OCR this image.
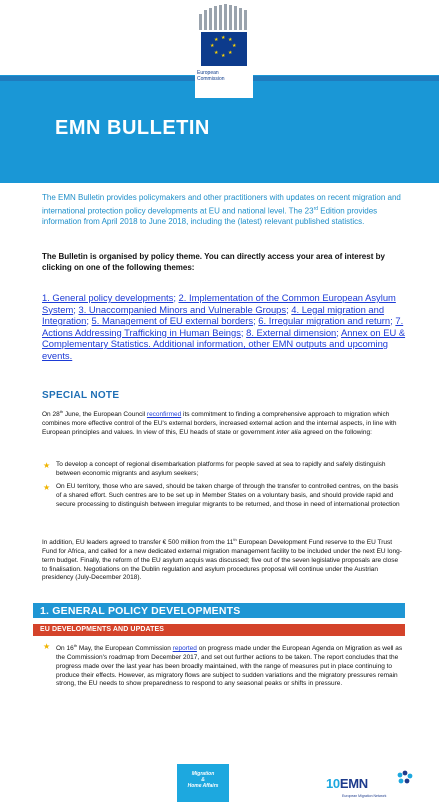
★ ★
★
★
★
★
★
★
European
Commission
EMN BULLETIN
The EMN Bulletin provides policymakers and other practitioners with updates on recent migration and international protection policy developments at EU and national level. The 23rd Edition provides information from April 2018 to June 2018, including the (latest) relevant published statistics.
The Bulletin is organised by policy theme. You can directly access your area of interest by clicking on one of the following themes:
1. General policy developments; 2. Implementation of the Common European Asylum System; 3. Unaccompanied Minors and Vulnerable Groups; 4. Legal migration and Integration; 5. Management of EU external borders; 6. Irregular migration and return; 7. Actions Addressing Trafficking in Human Beings; 8. External dimension; Annex on EU & Complementary Statistics. Additional information, other EMN outputs and upcoming events.
SPECIAL NOTE
On 28th June, the European Council reconfirmed its commitment to finding a comprehensive approach to migration which combines more effective control of the EU's external borders, increased external action and the internal aspects, in line with European principles and values. In view of this, EU heads of state or government inter alia agreed on the following:
★ To develop a concept of regional disembarkation platforms for people saved at sea to rapidly and safely distinguish between economic migrants and asylum seekers;
★ On EU territory, those who are saved, should be taken charge of through the transfer to controlled centres, on the basis of a shared effort. Such centres are to be set up in Member States on a voluntary basis, and should provide rapid and secure processing to distinguish between irregular migrants to be returned, and those in need of international protection
In addition, EU leaders agreed to transfer € 500 million from the 11th European Development Fund reserve to the EU Trust Fund for Africa, and called for a new dedicated external migration management facility to be included under the next EU long-term budget. Finally, the reform of the EU asylum acquis was discussed; five out of the seven legislative proposals are close to finalisation. Negotiations on the Dublin regulation and asylum procedures proposal will continue under the Austrian presidency (July-December 2018).
1. GENERAL POLICY DEVELOPMENTS
EU DEVELOPMENTS AND UPDATES
★ On 16th May, the European Commission reported on progress made under the European Agenda on Migration as well as the Commission's roadmap from December 2017, and set out further actions to be taken. The report concludes that the progress made over the last year has been broadly maintained, with the range of measures put in place continuing to produce their effects. However, as migratory flows are subject to sudden variations and the migratory pressures remain strong, the EU needs to show preparedness to respond to any seasonal peaks or shifts in pressure.
Migration
&
Home Affairs	10EMN
European Migration Network
